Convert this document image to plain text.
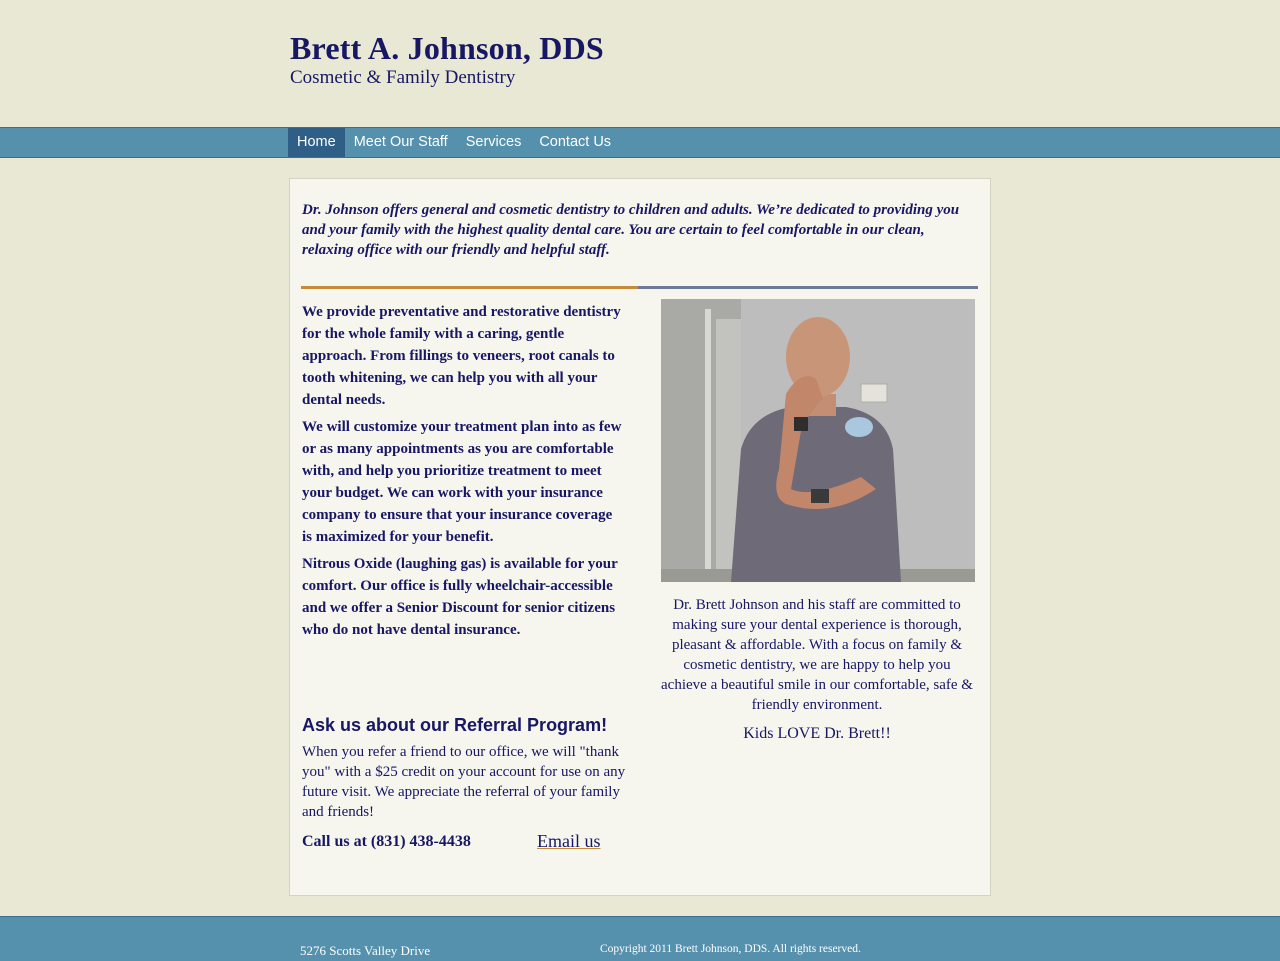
Brett A. Johnson, DDS
Cosmetic & Family Dentistry
Home	Meet Our Staff	Services	Contact Us
Dr. Johnson offers general and cosmetic dentistry to children and adults. We’re dedicated to providing you and your family with the highest quality dental care. You are certain to feel comfortable in our clean, relaxing office with our friendly and helpful staff.

We provide preventative and restorative dentistry for the whole family with a caring, gentle approach. From fillings to veneers, root canals to tooth whitening, we can help you with all your dental needs.

We will customize your treatment plan into as few or as many appointments as you are comfortable with, and help you prioritize treatment to meet your budget. We can work with your insurance company to ensure that your insurance coverage is maximized for your benefit.

Nitrous Oxide (laughing gas) is available for your comfort. Our office is fully wheelchair-accessible and we offer a Senior Discount for senior citizens who do not have dental insurance.

Ask us about our Referral Program!
When you refer a friend to our office, we will "thank you" with a $25 credit on your account for use on any future visit. We appreciate the referral of your family and friends!
Call us at (831) 438-4438	Email us
Dr. Brett Johnson and his staff are committed to making sure your dental experience is thorough, pleasant & affordable. With a focus on family & cosmetic dentistry, we are happy to help you achieve a beautiful smile in our comfortable, safe & friendly environment.
Kids LOVE Dr. Brett!!
5276 Scotts Valley Drive	Copyright 2011 Brett Johnson, DDS. All rights reserved.
